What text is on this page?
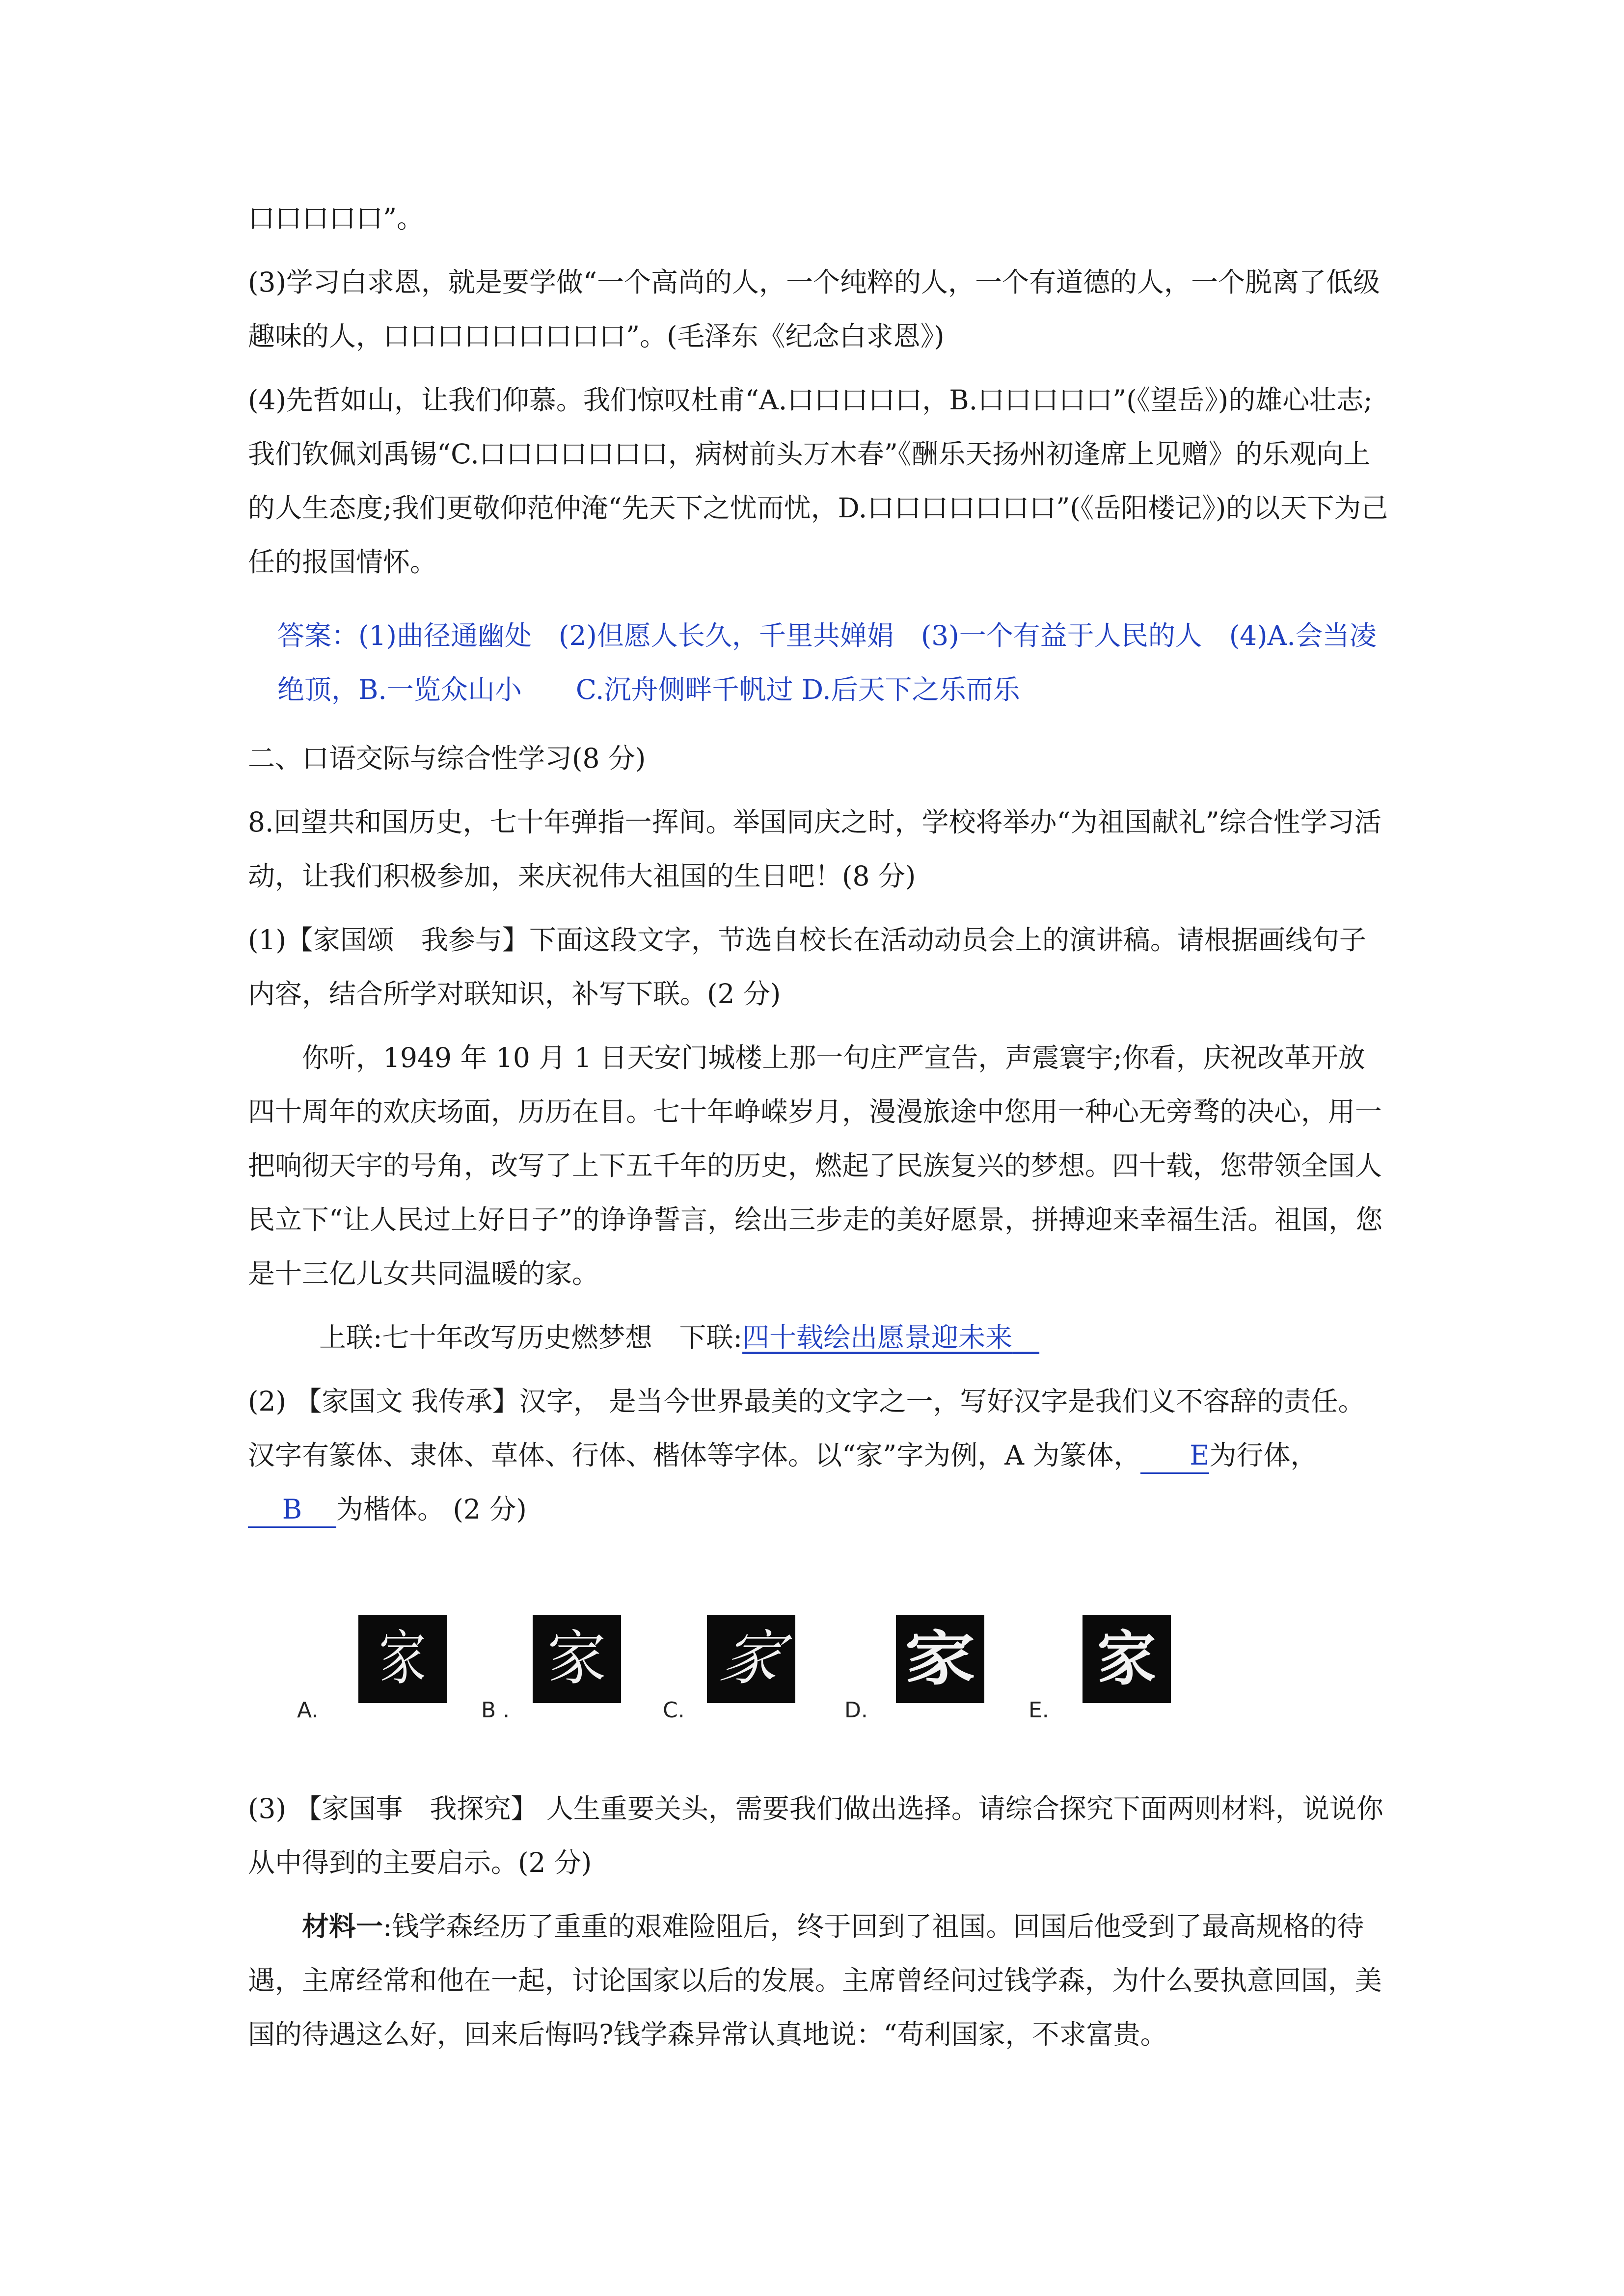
口口口口口”。

(3)学习白求恩，就是要学做“一个高尚的人，一个纯粹的人，一个有道德的人，一个脱离了低级趣味的人，口口口口口口口口口”。(毛泽东《纪念白求恩》)

(4)先哲如山，让我们仰慕。我们惊叹杜甫“A.口口口口口，B.口口口口口”(《望岳》)的雄心壮志;我们钦佩刘禹锡“C.口口口口口口口，病树前头万木春”《酬乐天扬州初逢席上见赠》的乐观向上的人生态度;我们更敬仰范仲淹“先天下之忧而忧，D.口口口口口口口”(《岳阳楼记》)的以天下为己任的报国情怀。

答案：(1)曲径通幽处　(2)但愿人长久，千里共婵娟　(3)一个有益于人民的人　(4)A.会当凌绝顶，B.一览众山小　　C.沉舟侧畔千帆过 D.后天下之乐而乐

二、口语交际与综合性学习(8 分)

8.回望共和国历史，七十年弹指一挥间。举国同庆之时，学校将举办“为祖国献礼”综合性学习活动，让我们积极参加，来庆祝伟大祖国的生日吧！(8 分)

(1)【家国颂　我参与】下面这段文字，节选自校长在活动动员会上的演讲稿。请根据画线句子内容，结合所学对联知识，补写下联。(2 分)

你听，1949 年 10 月 1 日天安门城楼上那一句庄严宣告，声震寰宇;你看，庆祝改革开放四十周年的欢庆场面，历历在目。七十年峥嵘岁月，漫漫旅途中您用一种心无旁骛的决心，用一把响彻天宇的号角，改写了上下五千年的历史，燃起了民族复兴的梦想。四十载，您带领全国人民立下“让人民过上好日子”的诤诤誓言，绘出三步走的美好愿景，拼搏迎来幸福生活。祖国，您是十三亿儿女共同温暖的家。

上联:七十年改写历史燃梦想　下联:四十载绘出愿景迎未来　

(2) 【家国文 我传承】汉字， 是当今世界最美的文字之一，写好汉字是我们义不容辞的责任。汉字有篆体、隶体、草体、行体、楷体等字体。以“家”字为例，A 为篆体， E为行体，B 为楷体。 (2 分)

A.
家
B .
家
C.
家
D.
家
E.
家

(3) 【家国事　我探究】 人生重要关头，需要我们做出选择。请综合探究下面两则材料，说说你从中得到的主要启示。(2 分)

材料一:钱学森经历了重重的艰难险阻后，终于回到了祖国。回国后他受到了最高规格的待遇，主席经常和他在一起，讨论国家以后的发展。主席曾经问过钱学森，为什么要执意回国，美国的待遇这么好，回来后悔吗?钱学森异常认真地说：“苟利国家，不求富贵。
